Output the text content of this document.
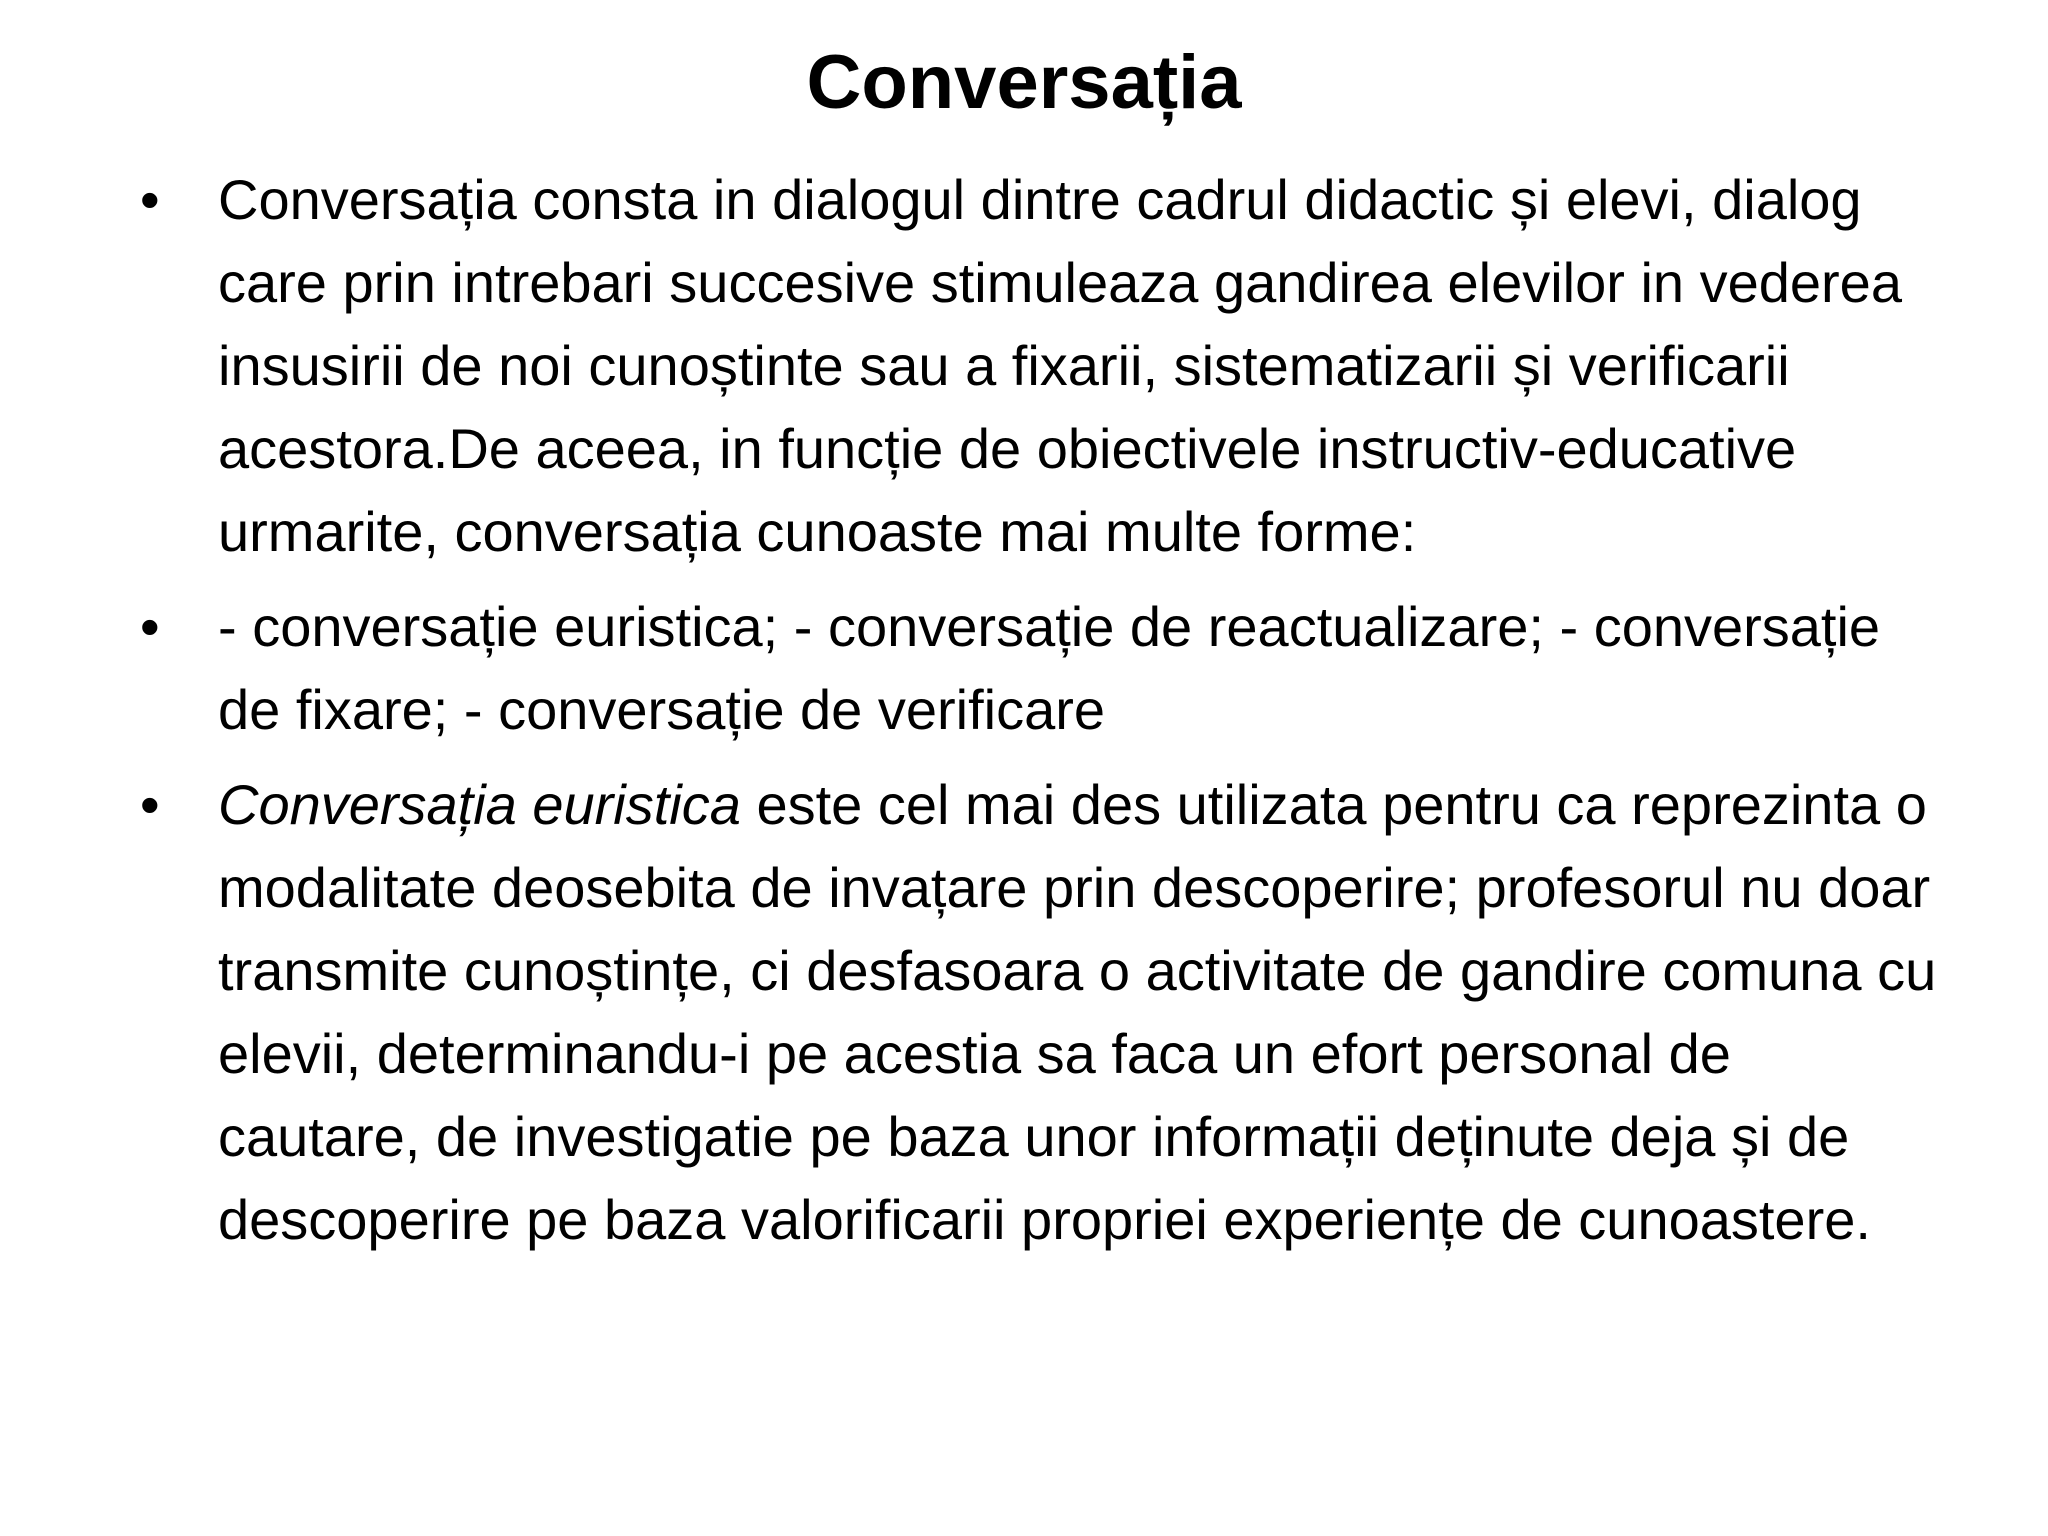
Conversația
•	Conversația consta in dialogul dintre cadrul didactic și elevi, dialog care prin intrebari succesive stimuleaza gandirea elevilor in vederea insusirii de noi cunoștinte sau a fixarii, sistematizarii și verificarii acestora.De aceea, in funcție de obiectivele instructiv-educative urmarite, conversația cunoaste mai multe forme:
•	- conversație euristica; - conversație de reactualizare; - conversație de fixare; - conversație de verificare
•	Conversația euristica este cel mai des utilizata pentru ca reprezinta o modalitate deosebita de invațare prin descoperire; profesorul nu doar transmite cunoștințe, ci desfasoara o activitate de gandire comuna cu elevii, determinandu-i pe acestia sa faca un efort personal de cautare, de investigatie pe baza unor informații deținute deja și de descoperire pe baza valorificarii propriei experiențe de cunoastere.
